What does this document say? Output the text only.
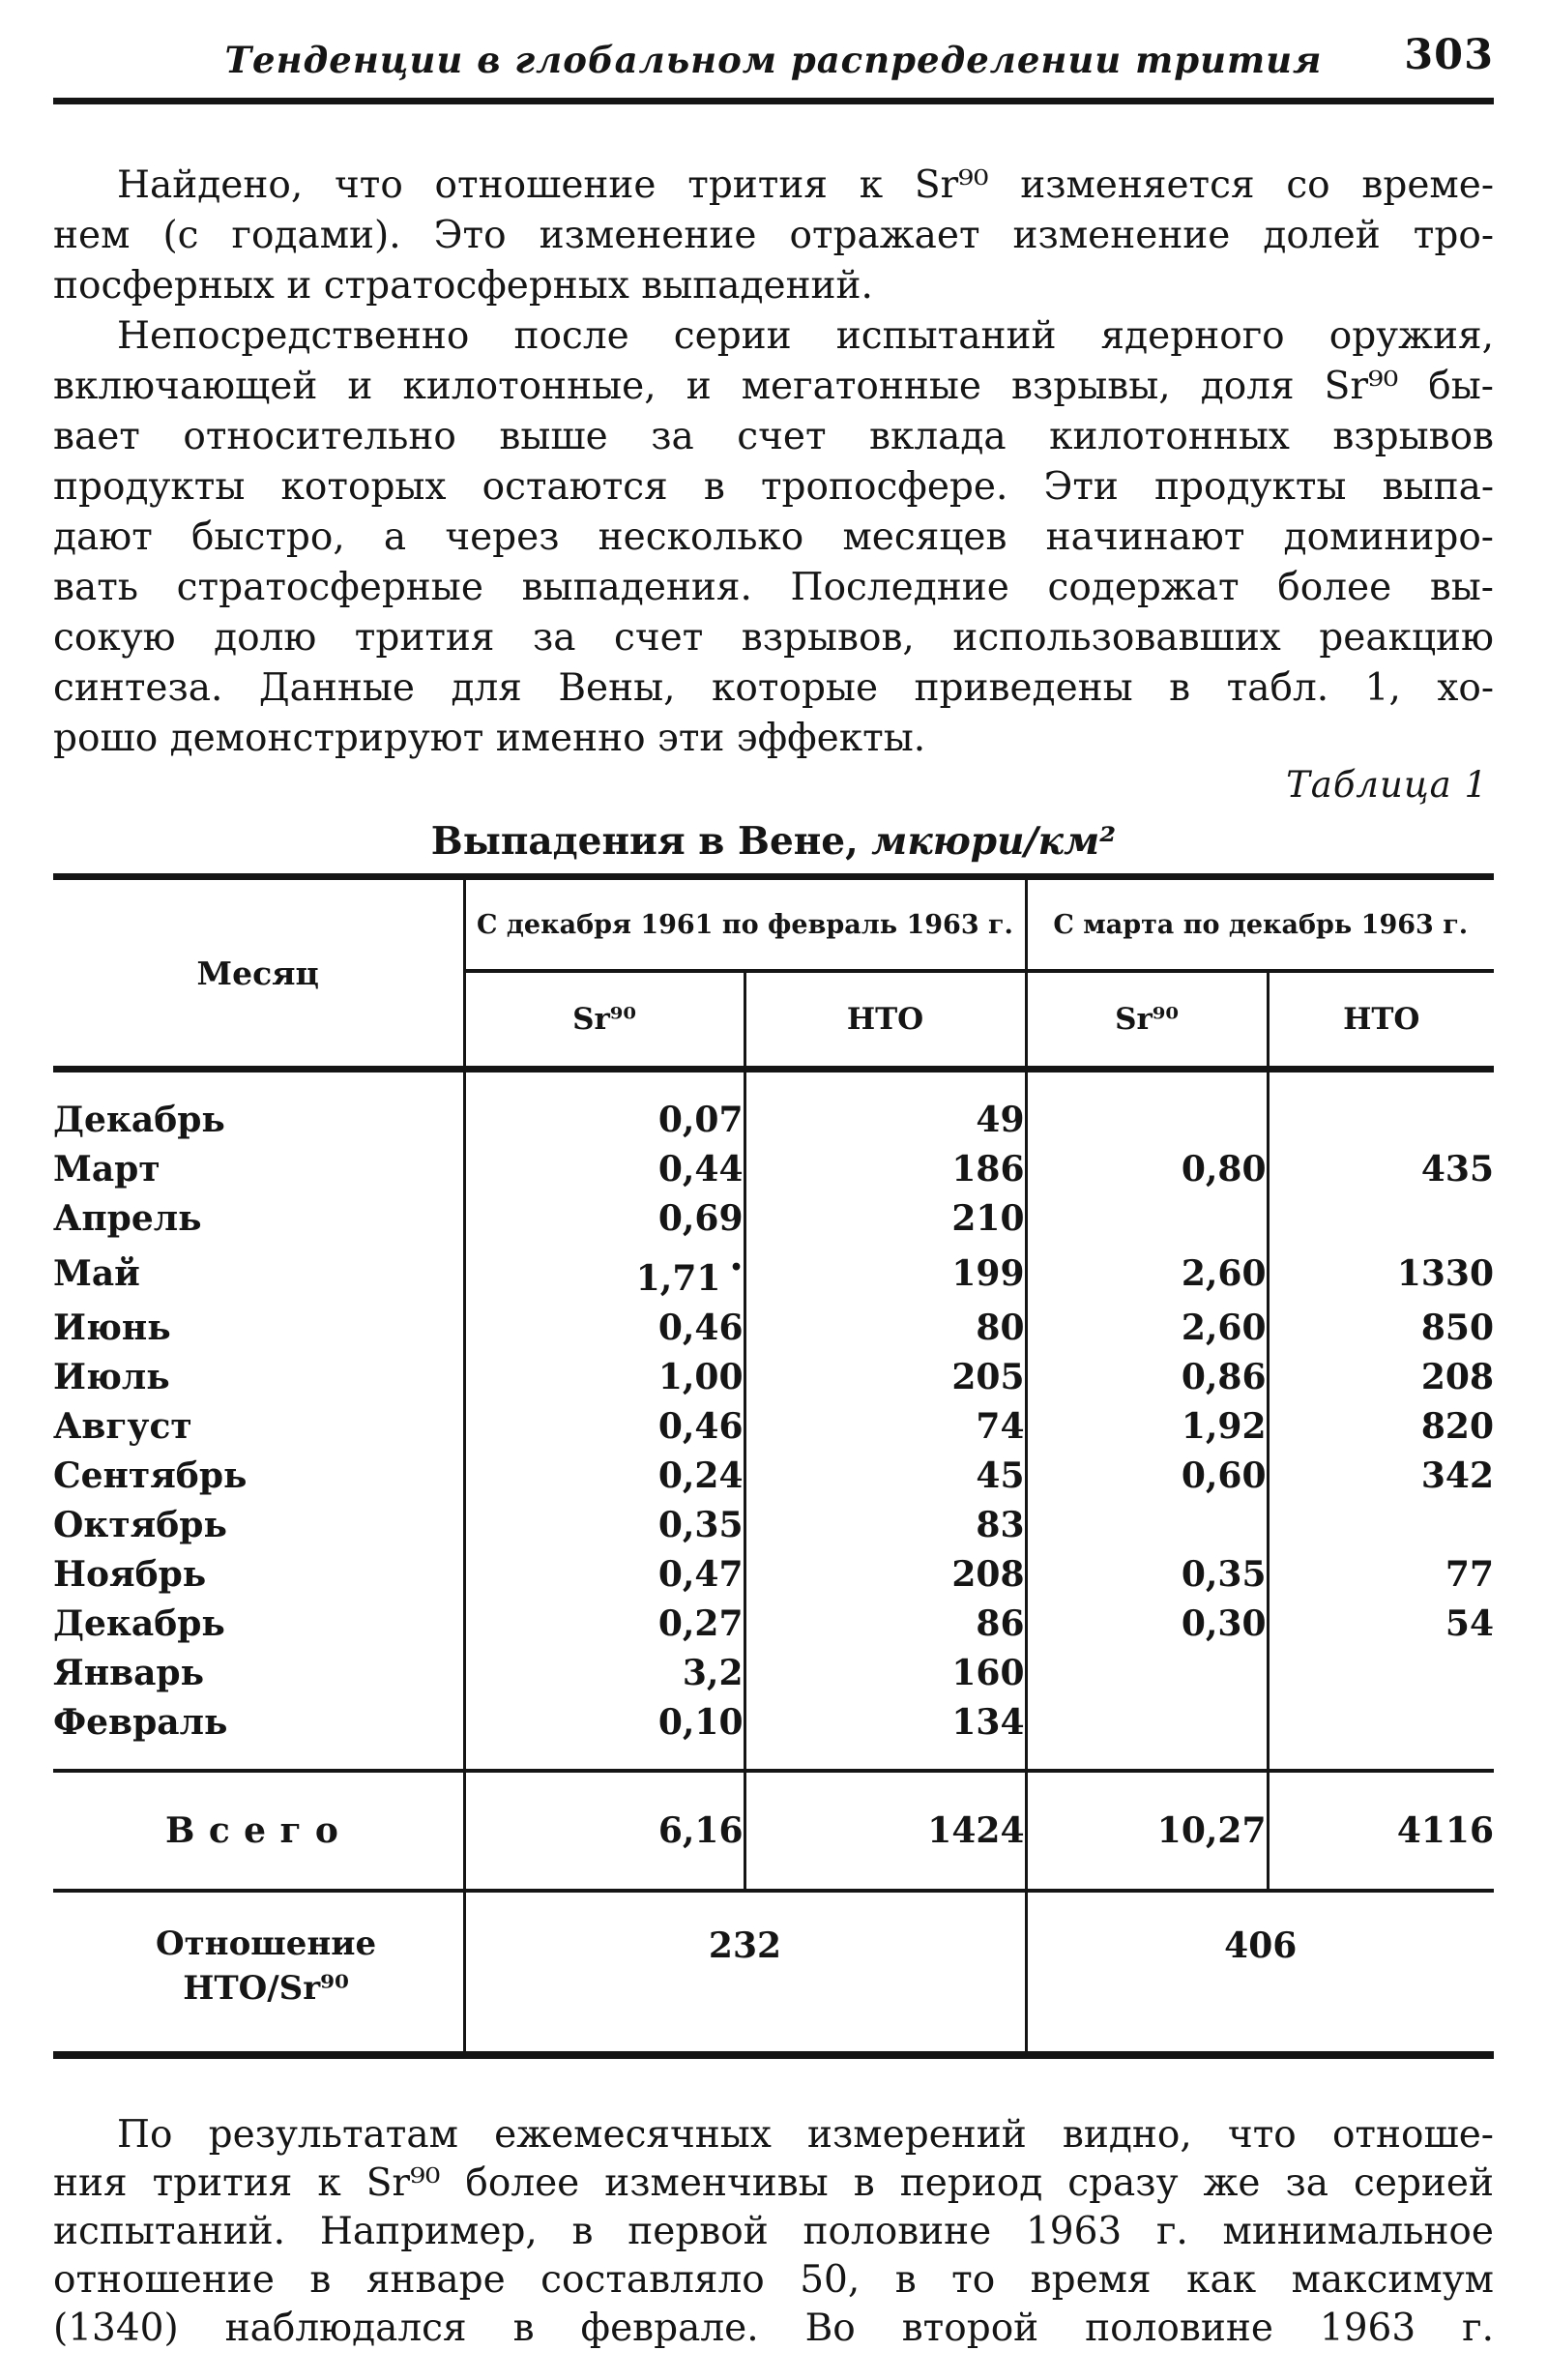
Тенденции в глобальном распределении трития 303
Найдено, что отношение трития к Sr⁹⁰ изменяется со време-
нем (с годами). Это изменение отражает изменение долей тро-
посферных и стратосферных выпадений.
Непосредственно после серии испытаний ядерного оружия,
включающей и килотонные, и мегатонные взрывы, доля Sr⁹⁰ бы-
вает относительно выше за счет вклада килотонных взрывов
продукты которых остаются в тропосфере. Эти продукты выпа-
дают быстро, а через несколько месяцев начинают доминиро-
вать стратосферные выпадения. Последние содержат более вы-
сокую долю трития за счет взрывов, использовавших реакцию
синтеза. Данные для Вены, которые приведены в табл. 1, хо-
рошо демонстрируют именно эти эффекты.
Таблица 1
Выпадения в Вене, мкюри/км²
Месяц	С декабря 1961 по февраль 1963 г.		С марта по декабрь 1963 г.	
	Sr⁹⁰	НТО	Sr⁹⁰	НТО
Декабрь	0,07	49		
Март	0,44	186	0,80	435
Апрель	0,69	210		
Май	1,71 •	199	2,60	1330
Июнь	0,46	80	2,60	850
Июль	1,00	205	0,86	208
Август	0,46	74	1,92	820
Сентябрь	0,24	45	0,60	342
Октябрь	0,35	83		
Ноябрь	0,47	208	0,35	77
Декабрь	0,27	86	0,30	54
Январь	3,2	160		
Февраль	0,10	134		
Всего	6,16	1424	10,27	4116

Отношение
НТО/Sr⁹⁰	232		406	
По результатам ежемесячных измерений видно, что отноше-
ния трития к Sr⁹⁰ более изменчивы в период сразу же за серией
испытаний. Например, в первой половине 1963 г. минимальное
отношение в январе составляло 50, в то время как максимум
(1340) наблюдался в феврале. Во второй половине 1963 г.
